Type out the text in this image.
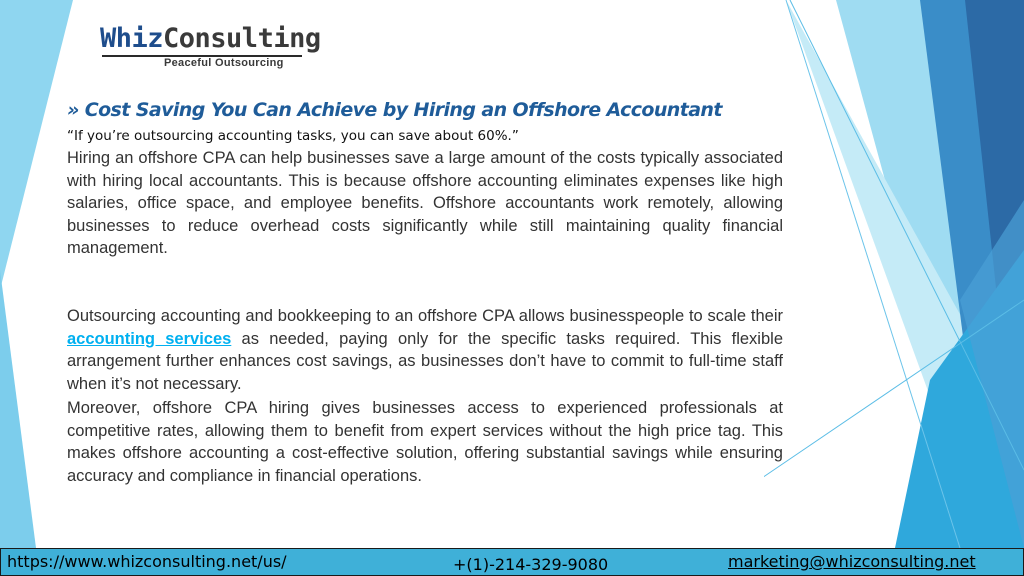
WhizConsulting
Peaceful Outsourcing
» Cost Saving You Can Achieve by Hiring an Offshore Accountant
“If you’re outsourcing accounting tasks, you can save about 60%.”

Hiring an offshore CPA can help businesses save a large amount of the costs typically associated with hiring local accountants. This is because offshore accounting eliminates expenses like high salaries, office space, and employee benefits. Offshore accountants work remotely, allowing businesses to reduce overhead costs significantly while still maintaining quality financial management.

Outsourcing accounting and bookkeeping to an offshore CPA allows businesspeople to scale their accounting services as needed, paying only for the specific tasks required. This flexible arrangement further enhances cost savings, as businesses don’t have to commit to full-time staff when it’s not necessary.

Moreover, offshore CPA hiring gives businesses access to experienced professionals at competitive rates, allowing them to benefit from expert services without the high price tag. This makes offshore accounting a cost-effective solution, offering substantial savings while ensuring accuracy and compliance in financial operations.

https://www.whizconsulting.net/us/	+(1)-214-329-9080	marketing@whizconsulting.net
